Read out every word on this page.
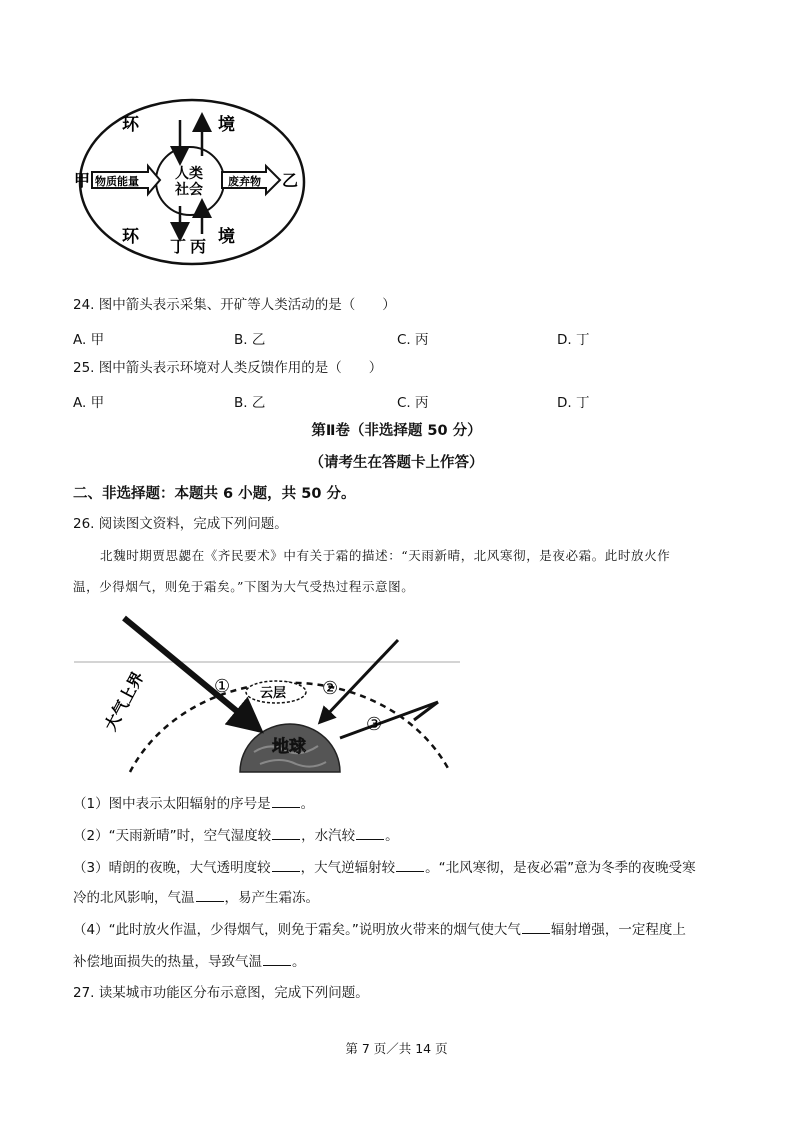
环	境
环	境
甲	乙
丁 丙
物质能量	废弃物
人类
社会
24. 图中箭头表示采集、开矿等人类活动的是（　　）
A. 甲	B. 乙	C. 丙	D. 丁
25. 图中箭头表示环境对人类反馈作用的是（　　）
A. 甲	B. 乙	C. 丙	D. 丁
第Ⅱ卷（非选择题 50 分）
（请考生在答题卡上作答）
二、非选择题：本题共 6 小题，共 50 分。
26. 阅读图文资料，完成下列问题。
北魏时期贾思勰在《齐民要术》中有关于霜的描述：“天雨新晴，北风寒彻，是夜必霜。此时放火作
温，少得烟气，则免于霜矣。”下图为大气受热过程示意图。
大气上界
地球
云层
①	②
③
（1）图中表示太阳辐射的序号是 。
（2）“天雨新晴”时，空气湿度较 ，水汽较 。
（3）晴朗的夜晚，大气透明度较 ，大气逆辐射较 。“北风寒彻，是夜必霜”意为冬季的夜晚受寒
冷的北风影响，气温 ，易产生霜冻。
（4）“此时放火作温，少得烟气，则免于霜矣。”说明放火带来的烟气使大气 辐射增强，一定程度上
补偿地面损失的热量，导致气温 。
27. 读某城市功能区分布示意图，完成下列问题。
第 7 页／共 14 页
